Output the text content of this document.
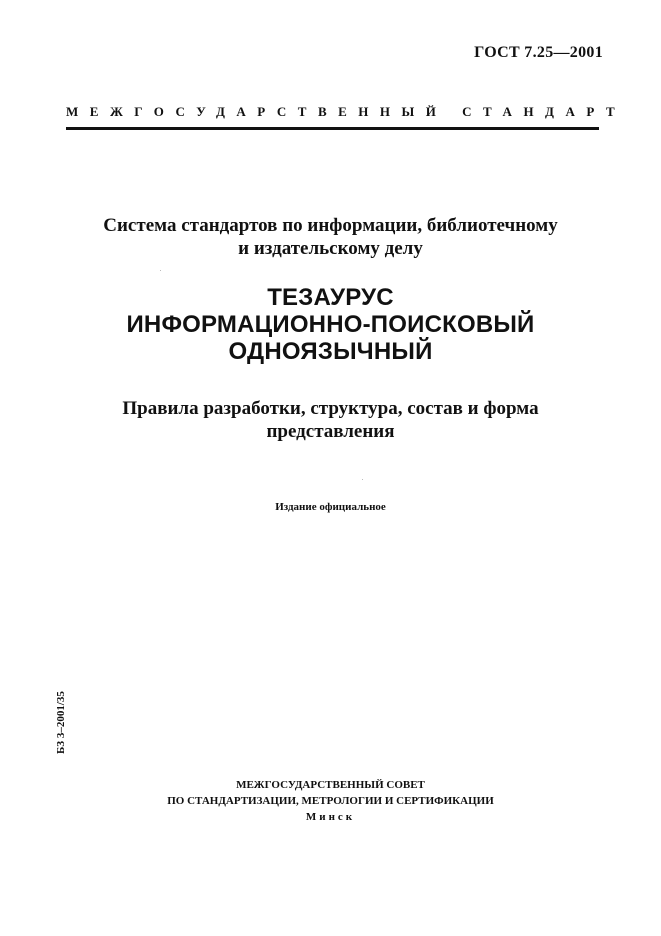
ГОСТ 7.25—2001
МЕЖГОСУДАРСТВЕННЫЙ СТАНДАРТ
Система стандартов по информации, библиотечному
и издательскому делу
ТЕЗАУРУС
ИНФОРМАЦИОННО-ПОИСКОВЫЙ
ОДНОЯЗЫЧНЫЙ
Правила разработки, структура, состав и форма
представления
Издание официальное
БЗ 3–2001/35
МЕЖГОСУДАРСТВЕННЫЙ СОВЕТ
ПО СТАНДАРТИЗАЦИИ, МЕТРОЛОГИИ И СЕРТИФИКАЦИИ
Минск
